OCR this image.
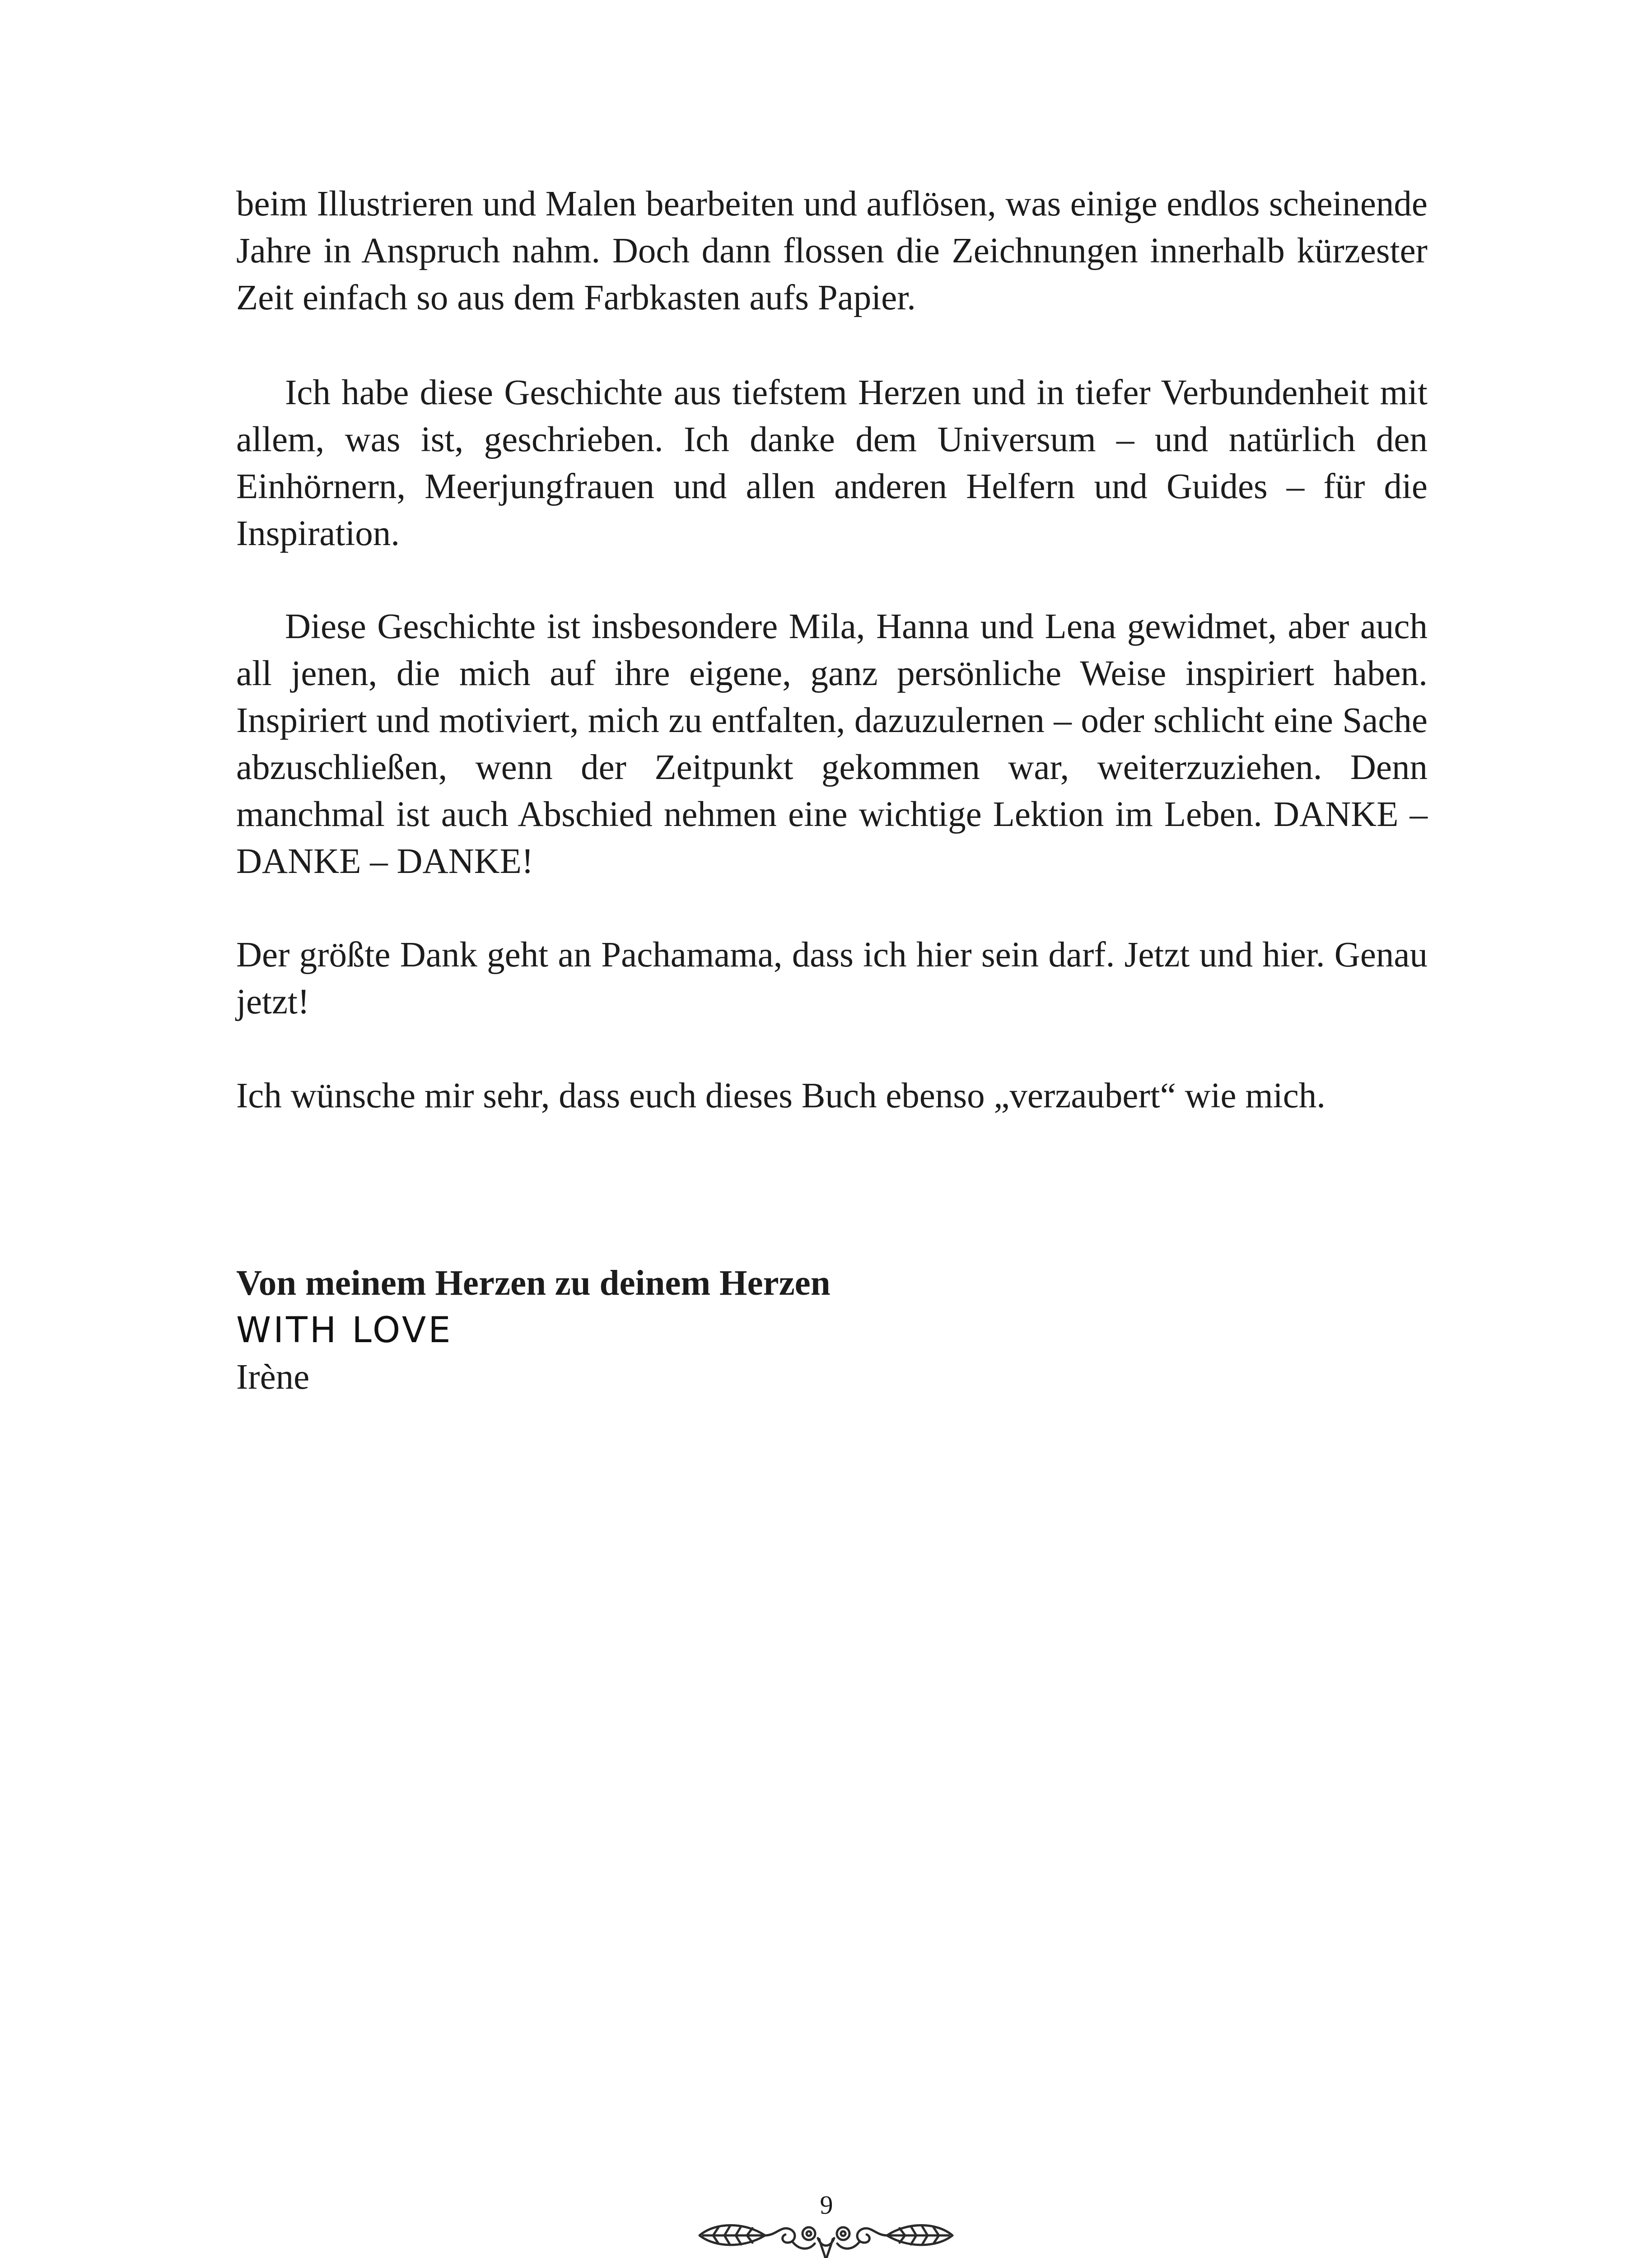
beim Illustrieren und Malen bearbeiten und auflösen, was einige endlos scheinende Jahre in Anspruch nahm. Doch dann flossen die Zeichnungen innerhalb kürzester Zeit einfach so aus dem Farbkasten aufs Papier.

Ich habe diese Geschichte aus tiefstem Herzen und in tiefer Verbundenheit mit allem, was ist, geschrieben. Ich danke dem Universum – und natürlich den Einhörnern, Meerjungfrauen und allen anderen Helfern und Guides – für die Inspiration.

Diese Geschichte ist insbesondere Mila, Hanna und Lena gewidmet, aber auch all jenen, die mich auf ihre eigene, ganz persönliche Weise inspiriert haben. Inspiriert und motiviert, mich zu entfalten, dazuzulernen – oder schlicht eine Sache abzuschließen, wenn der Zeitpunkt gekommen war, weiterzuziehen. Denn manchmal ist auch Abschied nehmen eine wichtige Lektion im Leben. DANKE – DANKE – DANKE!

Der größte Dank geht an Pachamama, dass ich hier sein darf. Jetzt und hier. Genau jetzt!

Ich wünsche mir sehr, dass euch dieses Buch ebenso „verzaubert“ wie mich.

Von meinem Herzen zu deinem Herzen
WITH LOVE
Irène
9
